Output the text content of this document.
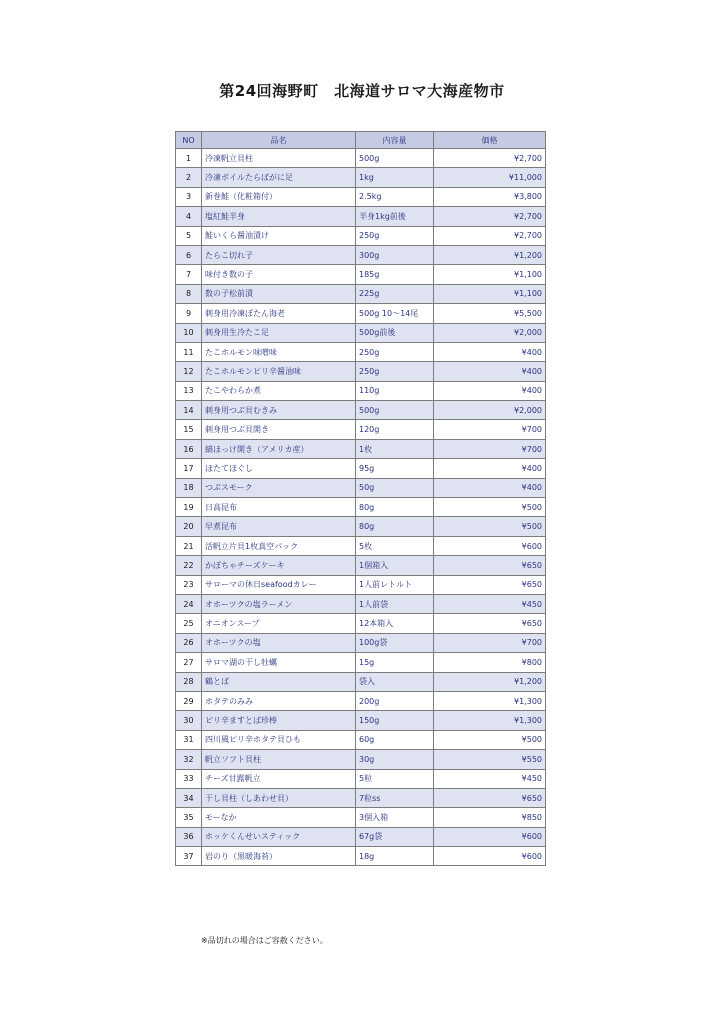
第24回海野町　北海道サロマ大海産物市
NO	品名	内容量	価格
1	冷凍帆立貝柱	500g	¥2,700
2	冷凍ボイルたらばがに足	1kg	¥11,000
3	新巻鮭（化粧箱付）	2.5kg	¥3,800
4	塩紅鮭半身	半身1kg前後	¥2,700
5	鮭いくら醤油漬け	250g	¥2,700
6	たらこ切れ子	300g	¥1,200
7	味付き数の子	185g	¥1,100
8	数の子松前漬	225g	¥1,100
9	刺身用冷凍ぼたん海老	500g 10〜14尾	¥5,500
10	刺身用生冷たこ足	500g前後	¥2,000
11	たこホルモン味噌味	250g	¥400
12	たこホルモンピリ辛醤油味	250g	¥400
13	たこやわらか煮	110g	¥400
14	刺身用つぶ貝むきみ	500g	¥2,000
15	刺身用つぶ貝開き	120g	¥700
16	縞ほっけ開き（アメリカ産）	1枚	¥700
17	ほたてほぐし	95g	¥400
18	つぶスモーク	50g	¥400
19	日高昆布	80g	¥500
20	早煮昆布	80g	¥500
21	活帆立片貝1枚真空パック	5枚	¥600
22	かぼちゃチーズケーキ	1個箱入	¥650
23	サローマの休日seafoodカレー	1人前レトルト	¥650
24	オホーツクの塩ラーメン	1人前袋	¥450
25	オニオンスープ	12本箱入	¥650
26	オホーツクの塩	100g袋	¥700
27	サロマ湖の干し牡蠣	15g	¥800
28	鶴とば	袋入	¥1,200
29	ホタテのみみ	200g	¥1,300
30	ピリ辛ますとば珍棒	150g	¥1,300
31	四川風ピリ辛ホタテ貝ひも	60g	¥500
32	帆立ソフト貝柱	30g	¥550
33	チーズ甘露帆立	5粒	¥450
34	干し貝柱（しあわせ貝）	7粒ss	¥650
35	モーなか	3個入箱	¥850
36	ホッケくんせいスティック	67g袋	¥600
37	岩のり（黒暖海苔）	18g	¥600
※品切れの場合はご容赦ください。
